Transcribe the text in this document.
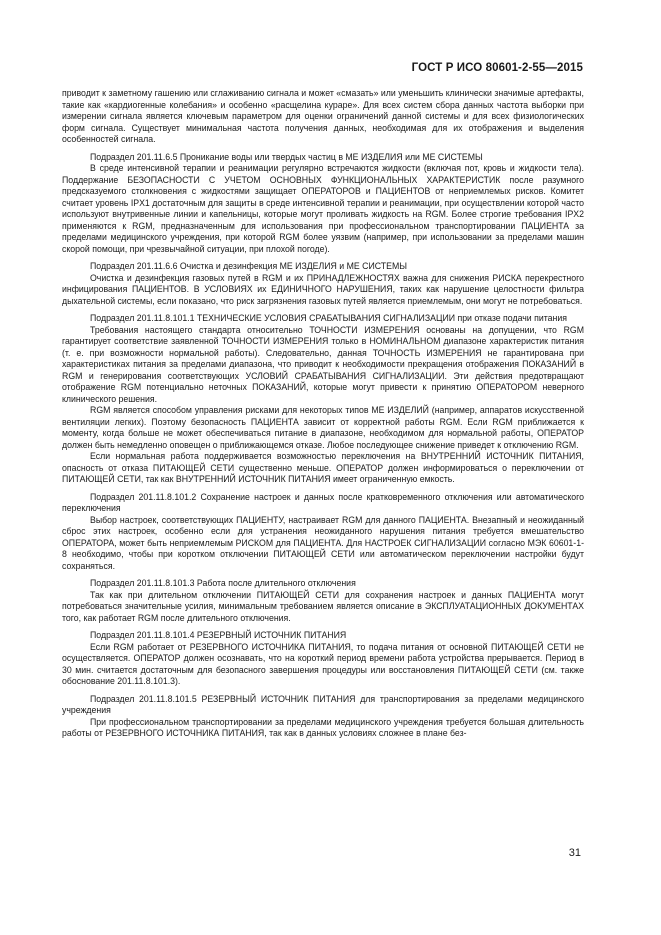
ГОСТ Р ИСО 80601-2-55—2015

приводит к заметному гашению или сглаживанию сигнала и может «смазать» или уменьшить клинически значимые артефакты, такие как «кардиогенные колебания» и особенно «расщелина кураре». Для всех систем сбора данных частота выборки при измерении сигнала является ключевым параметром для оценки ограничений данной системы и для всех физиологических форм сигнала. Существует минимальная частота получения данных, необходимая для их отображения и выделения особенностей сигнала.

Подраздел 201.11.6.5 Проникание воды или твердых частиц в МЕ ИЗДЕЛИЯ или МЕ СИСТЕМЫ

В среде интенсивной терапии и реанимации регулярно встречаются жидкости (включая пот, кровь и жидкости тела). Поддержание БЕЗОПАСНОСТИ С УЧЕТОМ ОСНОВНЫХ ФУНКЦИОНАЛЬНЫХ ХАРАКТЕРИСТИК после разумного предсказуемого столкновения с жидкостями защищает ОПЕРАТОРОВ и ПАЦИЕНТОВ от неприемлемых рисков. Комитет считает уровень IPX1 достаточным для защиты в среде интенсивной терапии и реанимации, при осуществлении которой часто используют внутривенные линии и капельницы, которые могут проливать жидкость на RGM. Более строгие требования IPX2 применяются к RGM, предназначенным для использования при профессиональном транспортировании ПАЦИЕНТА за пределами медицинского учреждения, при которой RGM более уязвим (например, при использовании за пределами машин скорой помощи, при чрезвычайной ситуации, при плохой погоде).

Подраздел 201.11.6.6 Очистка и дезинфекция МЕ ИЗДЕЛИЯ и МЕ СИСТЕМЫ

Очистка и дезинфекция газовых путей в RGM и их ПРИНАДЛЕЖНОСТЯХ важна для снижения РИСКА перекрестного инфицирования ПАЦИЕНТОВ. В УСЛОВИЯХ их ЕДИНИЧНОГО НАРУШЕНИЯ, таких как нарушение целостности фильтра дыхательной системы, если показано, что риск загрязнения газовых путей является приемлемым, они могут не потребоваться.

Подраздел 201.11.8.101.1 ТЕХНИЧЕСКИЕ УСЛОВИЯ СРАБАТЫВАНИЯ СИГНАЛИЗАЦИИ при отказе подачи питания

Требования настоящего стандарта относительно ТОЧНОСТИ ИЗМЕРЕНИЯ основаны на допущении, что RGM гарантирует соответствие заявленной ТОЧНОСТИ ИЗМЕРЕНИЯ только в НОМИНАЛЬНОМ диапазоне характеристик питания (т. е. при возможности нормальной работы). Следовательно, данная ТОЧНОСТЬ ИЗМЕРЕНИЯ не гарантирована при характеристиках питания за пределами диапазона, что приводит к необходимости прекращения отображения ПОКАЗАНИЙ в RGM и генерирования соответствующих УСЛОВИЙ СРАБАТЫВАНИЯ СИГНАЛИЗАЦИИ. Эти действия предотвращают отображение RGM потенциально неточных ПОКАЗАНИЙ, которые могут привести к принятию ОПЕРАТОРОМ неверного клинического решения.

RGM является способом управления рисками для некоторых типов МЕ ИЗДЕЛИЙ (например, аппаратов искусственной вентиляции легких). Поэтому безопасность ПАЦИЕНТА зависит от корректной работы RGM. Если RGM приближается к моменту, когда больше не может обеспечиваться питание в диапазоне, необходимом для нормальной работы, ОПЕРАТОР должен быть немедленно оповещен о приближающемся отказе. Любое последующее снижение приведет к отключению RGM.

Если нормальная работа поддерживается возможностью переключения на ВНУТРЕННИЙ ИСТОЧНИК ПИТАНИЯ, опасность от отказа ПИТАЮЩЕЙ СЕТИ существенно меньше. ОПЕРАТОР должен информироваться о переключении от ПИТАЮЩЕЙ СЕТИ, так как ВНУТРЕННИЙ ИСТОЧНИК ПИТАНИЯ имеет ограниченную емкость.

Подраздел 201.11.8.101.2 Сохранение настроек и данных после кратковременного отключения или автоматического переключения

Выбор настроек, соответствующих ПАЦИЕНТУ, настраивает RGM для данного ПАЦИЕНТА. Внезапный и неожиданный сброс этих настроек, особенно если для устранения неожиданного нарушения питания требуется вмешательство ОПЕРАТОРА, может быть неприемлемым РИСКОМ для ПАЦИЕНТА. Для НАСТРОЕК СИГНАЛИЗАЦИИ согласно МЭК 60601-1-8 необходимо, чтобы при коротком отключении ПИТАЮЩЕЙ СЕТИ или автоматическом переключении настройки будут сохраняться.

Подраздел 201.11.8.101.3 Работа после длительного отключения

Так как при длительном отключении ПИТАЮЩЕЙ СЕТИ для сохранения настроек и данных ПАЦИЕНТА могут потребоваться значительные усилия, минимальным требованием является описание в ЭКСПЛУАТАЦИОННЫХ ДОКУМЕНТАХ того, как работает RGM после длительного отключения.

Подраздел 201.11.8.101.4 РЕЗЕРВНЫЙ ИСТОЧНИК ПИТАНИЯ

Если RGM работает от РЕЗЕРВНОГО ИСТОЧНИКА ПИТАНИЯ, то подача питания от основной ПИТАЮЩЕЙ СЕТИ не осуществляется. ОПЕРАТОР должен осознавать, что на короткий период времени работа устройства прерывается. Период в 30 мин. считается достаточным для безопасного завершения процедуры или восстановления ПИТАЮЩЕЙ СЕТИ (см. также обоснование 201.11.8.101.3).

Подраздел 201.11.8.101.5 РЕЗЕРВНЫЙ ИСТОЧНИК ПИТАНИЯ для транспортирования за пределами медицинского учреждения

При профессиональном транспортировании за пределами медицинского учреждения требуется большая длительность работы от РЕЗЕРВНОГО ИСТОЧНИКА ПИТАНИЯ, так как в данных условиях сложнее в плане без-

31
